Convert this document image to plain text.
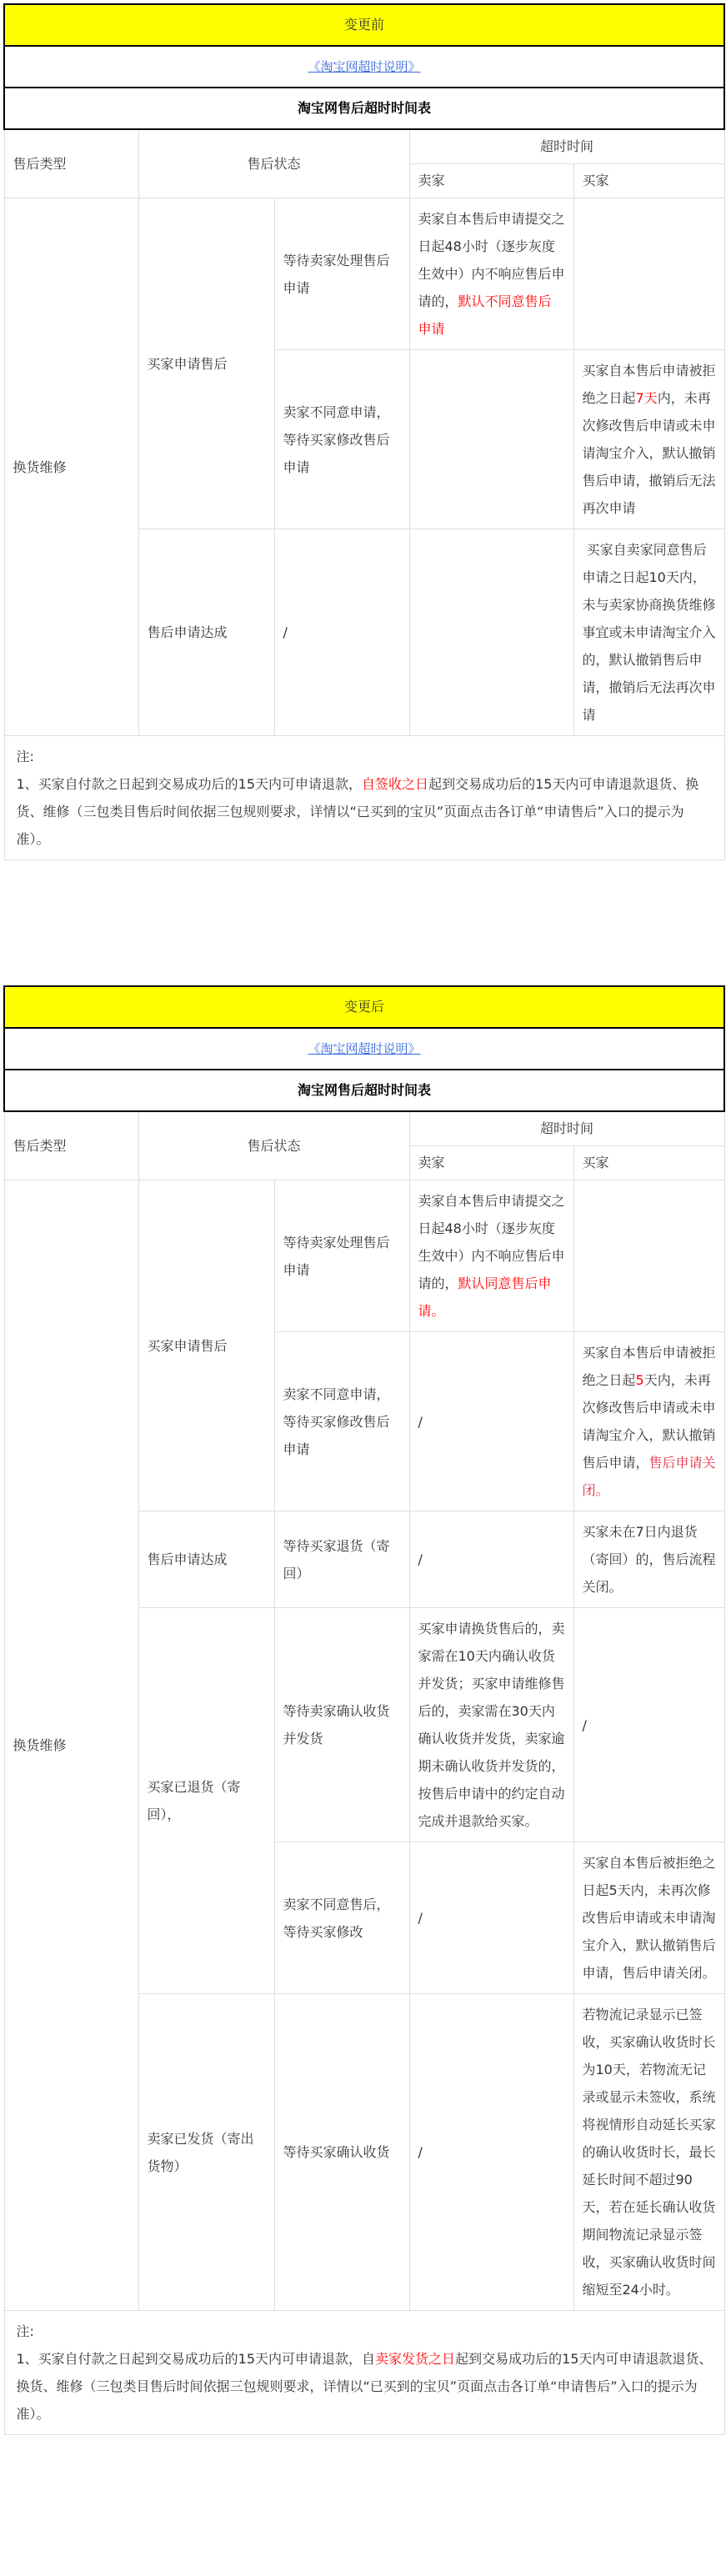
变更前				
《淘宝网超时说明》				
淘宝网售后超时时间表				
售后类型	售后状态		超时时间	
			卖家	买家
换货维修	买家申请售后	等待卖家处理售后申请	卖家自本售后申请提交之日起48小时（逐步灰度生效中）内不响应售后申请的，默认不同意售后申请	
		卖家不同意申请，等待买家修改售后申请		买家自本售后申请被拒绝之日起7天内，未再次修改售后申请或未申请淘宝介入，默认撤销售后申请，撤销后无法再次申请
	售后申请达成	/		买家自卖家同意售后申请之日起10天内，未与卖家协商换货维修事宜或未申请淘宝介入的，默认撤销售后申请，撤销后无法再次申请

注:
1、买家自付款之日起到交易成功后的15天内可申请退款，自签收之日起到交易成功后的15天内可申请退款退货、换货、维修（三包类目售后时间依据三包规则要求，详情以“已买到的宝贝”页面点击各订单“申请售后”入口的提示为准）。				
变更后				
《淘宝网超时说明》				
淘宝网售后超时时间表				
售后类型	售后状态		超时时间	
			卖家	买家
换货维修	买家申请售后	等待卖家处理售后申请	卖家自本售后申请提交之日起48小时（逐步灰度生效中）内不响应售后申请的，默认同意售后申请。	
		卖家不同意申请，等待买家修改售后申请	/	买家自本售后申请被拒绝之日起5天内，未再次修改售后申请或未申请淘宝介入，默认撤销售后申请，售后申请关闭。
	售后申请达成	等待买家退货（寄回）	/	买家未在7日内退货（寄回）的，售后流程关闭。
	买家已退货（寄回），	等待卖家确认收货并发货	买家申请换货售后的，卖家需在10天内确认收货并发货；买家申请维修售后的，卖家需在30天内确认收货并发货，卖家逾期未确认收货并发货的，按售后申请中的约定自动完成并退款给买家。	/
		卖家不同意售后，等待买家修改	/	买家自本售后被拒绝之日起5天内，未再次修改售后申请或未申请淘宝介入，默认撤销售后申请，售后申请关闭。
	卖家已发货（寄出货物）	等待买家确认收货	/	若物流记录显示已签收，买家确认收货时长为10天，若物流无记录或显示未签收，系统将视情形自动延长买家的确认收货时长，最长延长时间不超过90天，若在延长确认收货期间物流记录显示签收，买家确认收货时间缩短至24小时。

注:
1、买家自付款之日起到交易成功后的15天内可申请退款，自卖家发货之日起到交易成功后的15天内可申请退款退货、换货、维修（三包类目售后时间依据三包规则要求，详情以“已买到的宝贝”页面点击各订单“申请售后”入口的提示为准）。				
